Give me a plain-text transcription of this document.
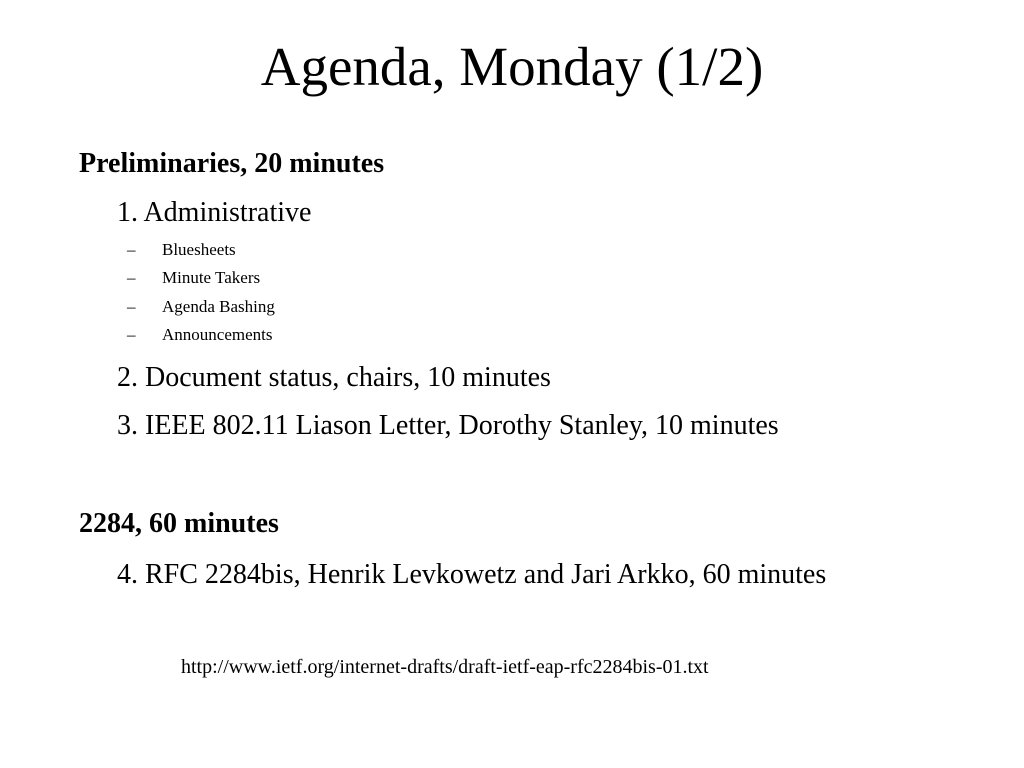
Agenda, Monday (1/2)
Preliminaries, 20 minutes
1. Administrative
– Bluesheets
– Minute Takers
– Agenda Bashing
– Announcements
2. Document status, chairs, 10 minutes
3. IEEE 802.11 Liason Letter, Dorothy Stanley, 10 minutes
2284, 60 minutes
4. RFC 2284bis, Henrik Levkowetz and Jari Arkko, 60 minutes
http://www.ietf.org/internet-drafts/draft-ietf-eap-rfc2284bis-01.txt
